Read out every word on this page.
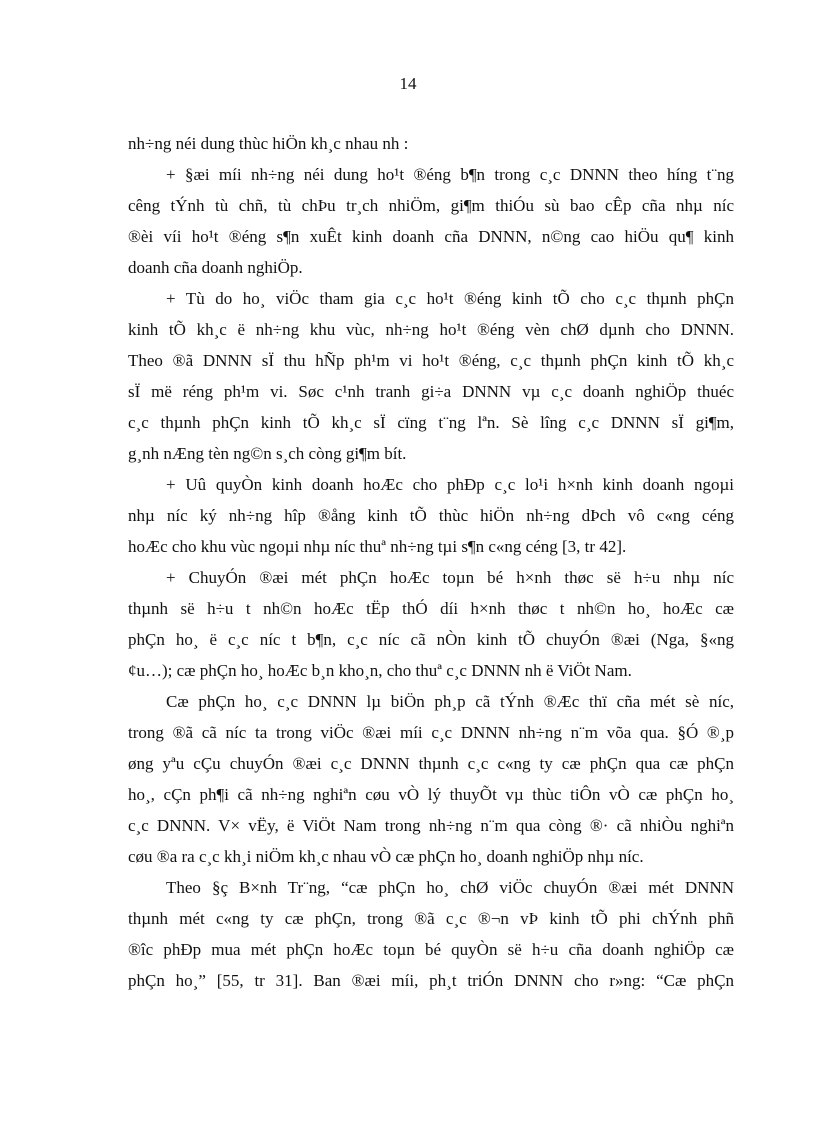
14
nh÷ng néi dung thùc hiÖn kh¸c nhau nh :
+ §æi míi nh÷ng néi dung ho¹t ®éng b¶n trong c¸c DNNN theo híng t¨ng
cêng tÝnh tù chñ, tù chÞu tr¸ch nhiÖm, gi¶m thiÓu sù bao cÊp cña nhµ níc
®èi víi ho¹t ®éng s¶n xuÊt kinh doanh cña DNNN, n©ng cao hiÖu qu¶ kinh
doanh cña doanh nghiÖp.
+ Tù do ho¸ viÖc tham gia c¸c ho¹t ®éng kinh tÕ cho c¸c thµnh phÇn
kinh tÕ kh¸c ë nh÷ng khu vùc, nh÷ng ho¹t ®éng vèn chØ dµnh cho DNNN.
Theo ®ã DNNN sÏ thu hÑp ph¹m vi ho¹t ®éng, c¸c thµnh phÇn kinh tÕ kh¸c
sÏ më réng ph¹m vi. Søc c¹nh tranh gi÷a DNNN vµ c¸c doanh nghiÖp thuéc
c¸c thµnh phÇn kinh tÕ kh¸c sÏ cïng t¨ng lªn. Sè lîng c¸c DNNN sÏ gi¶m,
g¸nh nÆng tèn ng©n s¸ch còng gi¶m bít.
+ Uû quyÒn kinh doanh hoÆc cho phÐp c¸c lo¹i h×nh kinh doanh ngoµi
nhµ níc ký nh÷ng hîp ®ång kinh tÕ thùc hiÖn nh÷ng dÞch vô c«ng céng
hoÆc cho khu vùc ngoµi nhµ níc thuª nh÷ng tµi s¶n c«ng céng [3, tr 42].
+ ChuyÓn ®æi mét phÇn hoÆc toµn bé h×nh thøc së h÷u nhµ níc
thµnh së h÷u t nh©n hoÆc tËp thÓ díi h×nh thøc t nh©n ho¸ hoÆc cæ
phÇn ho¸ ë c¸c níc t b¶n, c¸c níc cã nÒn kinh tÕ chuyÓn ®æi (Nga, §«ng
¢u…); cæ phÇn ho¸ hoÆc b¸n kho¸n, cho thuª c¸c DNNN nh ë ViÖt Nam.
Cæ phÇn ho¸ c¸c DNNN lµ biÖn ph¸p cã tÝnh ®Æc thï cña mét sè níc,
trong ®ã cã níc ta trong viÖc ®æi míi c¸c DNNN nh÷ng n¨m võa qua. §Ó ®¸p
øng yªu cÇu chuyÓn ®æi c¸c DNNN thµnh c¸c c«ng ty cæ phÇn qua cæ phÇn
ho¸, cÇn ph¶i cã nh÷ng nghiªn cøu vÒ lý thuyÕt vµ thùc tiÔn vÒ cæ phÇn ho¸
c¸c DNNN. V× vËy, ë ViÖt Nam trong nh÷ng n¨m qua còng ®· cã nhiÒu nghiªn
cøu ®a ra c¸c kh¸i niÖm kh¸c nhau vÒ cæ phÇn ho¸ doanh nghiÖp nhµ níc.
Theo §ç B×nh Tr¨ng, “cæ phÇn ho¸ chØ viÖc chuyÓn ®æi mét DNNN
thµnh mét c«ng ty cæ phÇn, trong ®ã c¸c ®¬n vÞ kinh tÕ phi chÝnh phñ
®îc phÐp mua mét phÇn hoÆc toµn bé quyÒn së h÷u cña doanh nghiÖp cæ
phÇn ho¸” [55, tr 31]. Ban ®æi míi, ph¸t triÓn DNNN cho r»ng: “Cæ phÇn
